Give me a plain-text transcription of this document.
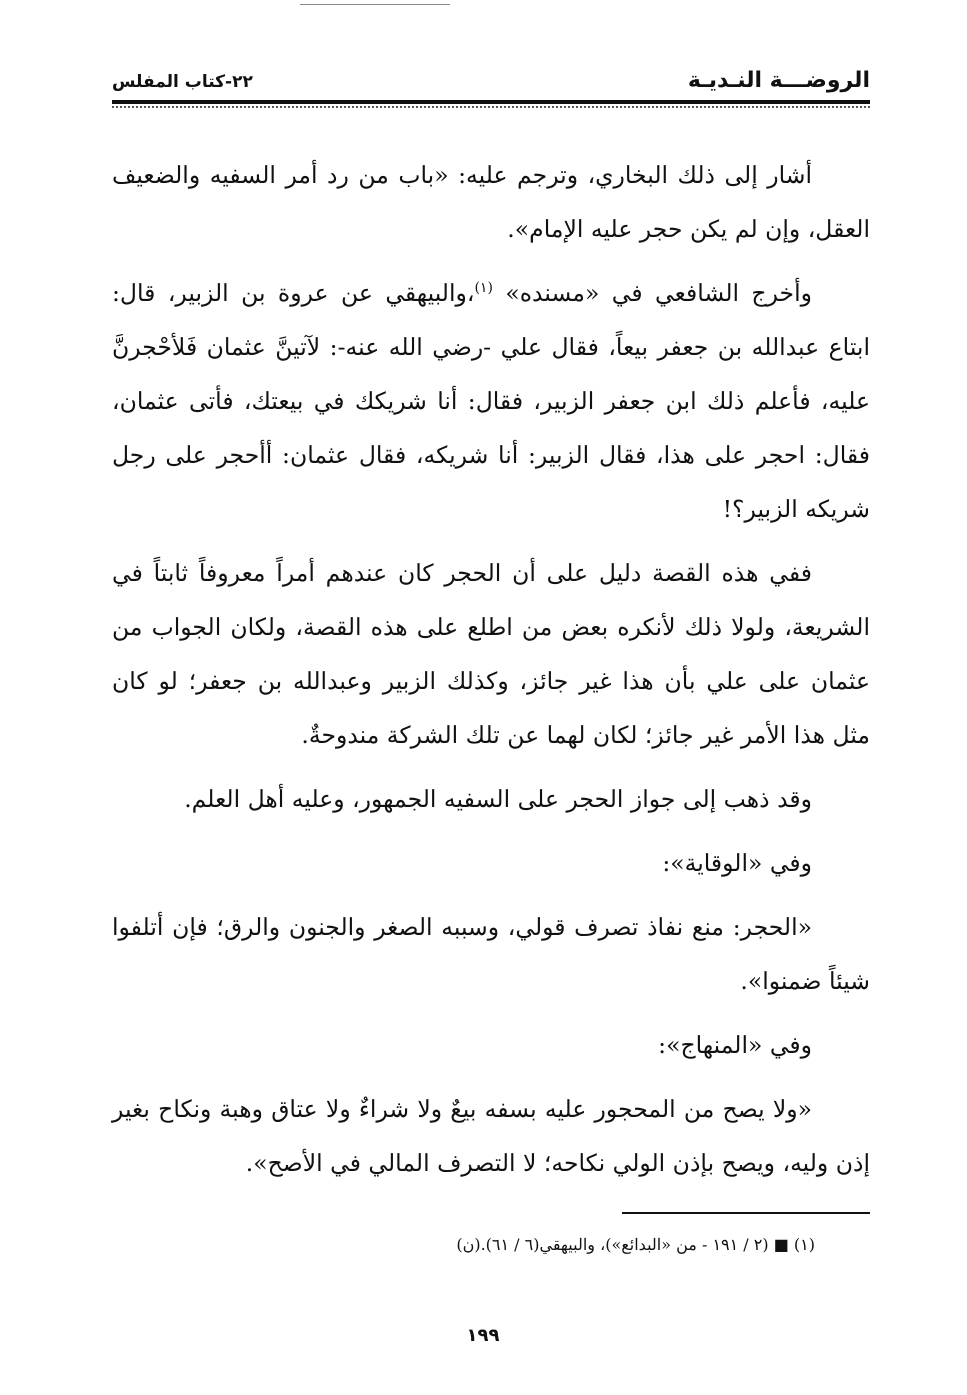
الروضـــة النـديـة
٢٢-كتاب المفلس

أشار إلى ذلك البخاري، وترجم عليه: «باب من رد أمر السفيه والضعيف العقل، وإن لم يكن حجر عليه الإمام».

وأخرج الشافعي في «مسنده» $^{(١)}$،والبيهقي عن عروة بن الزبير، قال: ابتاع عبدالله بن جعفر بيعاً، فقال علي -رضي الله عنه-: لآتينَّ عثمان فَلأحْجرنَّ عليه، فأعلم ذلك ابن جعفر الزبير، فقال: أنا شريكك في بيعتك، فأتى عثمان، فقال: احجر على هذا، فقال الزبير: أنا شريكه، فقال عثمان: أأحجر على رجل شريكه الزبير؟!

ففي هذه القصة دليل على أن الحجر كان عندهم أمراً معروفاً ثابتاً في الشريعة، ولولا ذلك لأنكره بعض من اطلع على هذه القصة، ولكان الجواب من عثمان على علي بأن هذا غير جائز، وكذلك الزبير وعبدالله بن جعفر؛ لو كان مثل هذا الأمر غير جائز؛ لكان لهما عن تلك الشركة مندوحةٌ.

وقد ذهب إلى جواز الحجر على السفيه الجمهور، وعليه أهل العلم.

وفي «الوقاية»:

«الحجر: منع نفاذ تصرف قولي، وسببه الصغر والجنون والرق؛ فإن أتلفوا شيئاً ضمنوا».

وفي «المنهاج»:

«ولا يصح من المحجور عليه بسفه بيعٌ ولا شراءٌ ولا عتاق وهبة ونكاح بغير إذن وليه، ويصح بإذن الولي نكاحه؛ لا التصرف المالي في الأصح».

(١) ■ (٢ / ١٩١ - من «البدائع»)، والبيهقي(٦ / ٦١).(ن)
١٩٩
